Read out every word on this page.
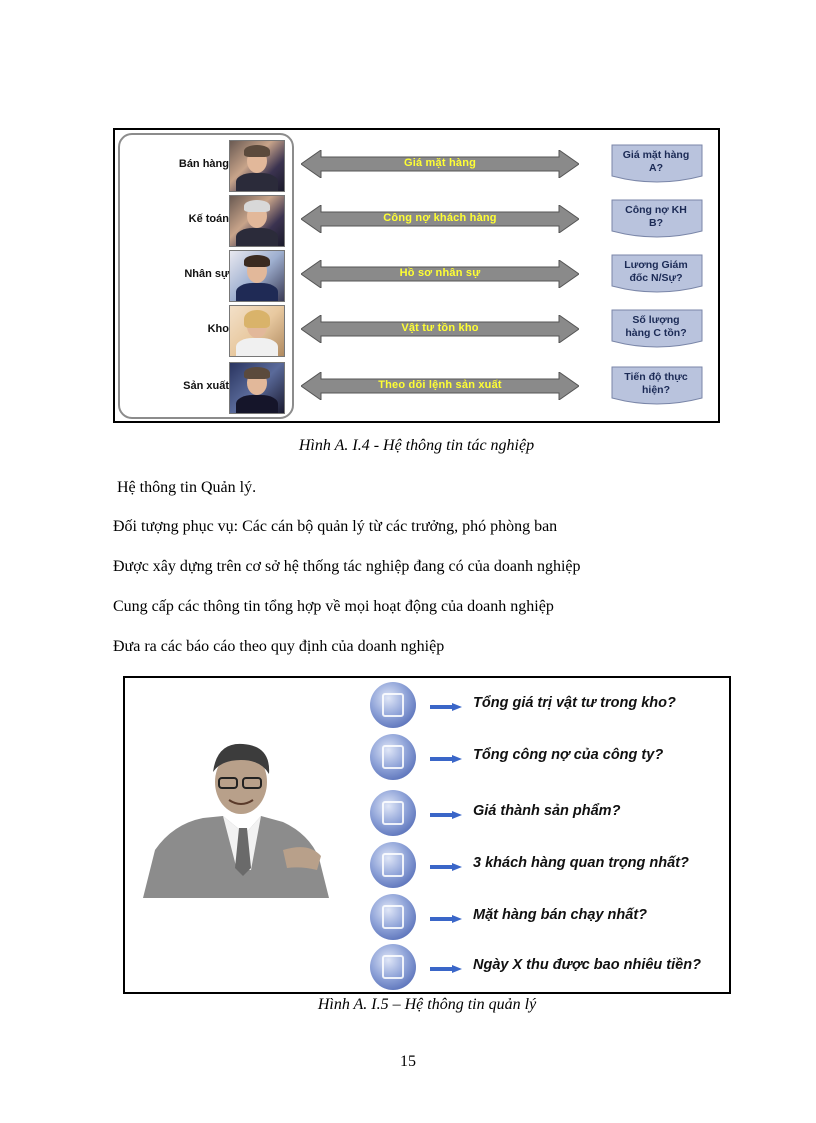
Bán hàng	Giá mặt hàng
Giá mặt hàng
A?
Kế toán	Công nợ khách hàng
Công nợ KH
B?
Nhân sự	Hồ sơ nhân sự
Lương Giám
đốc N/Sự?
Kho	Vật tư tồn kho
Số lượng
hàng C tồn?
Sản xuất	Theo dõi lệnh sản xuất
Tiến độ thực
hiện?
Hình A. I.4 - Hệ thông tin tác nghiệp
Hệ thông tin Quản lý.
Đối tượng phục vụ: Các cán bộ quản lý từ các trưởng, phó phòng ban
Được xây dựng trên cơ sở hệ thống tác nghiệp đang có của doanh nghiệp
Cung cấp các thông tin tổng hợp về mọi hoạt động của doanh nghiệp
Đưa ra các báo cáo theo quy định của doanh nghiệp
Tổng giá trị vật tư trong kho?
Tổng công nợ của công ty?
Giá thành sản phẩm?
3 khách hàng quan trọng nhất?
Mặt hàng bán chạy nhất?
Ngày X thu được bao nhiêu tiền?
Hình A. I.5 – Hệ thông tin quản lý
15
